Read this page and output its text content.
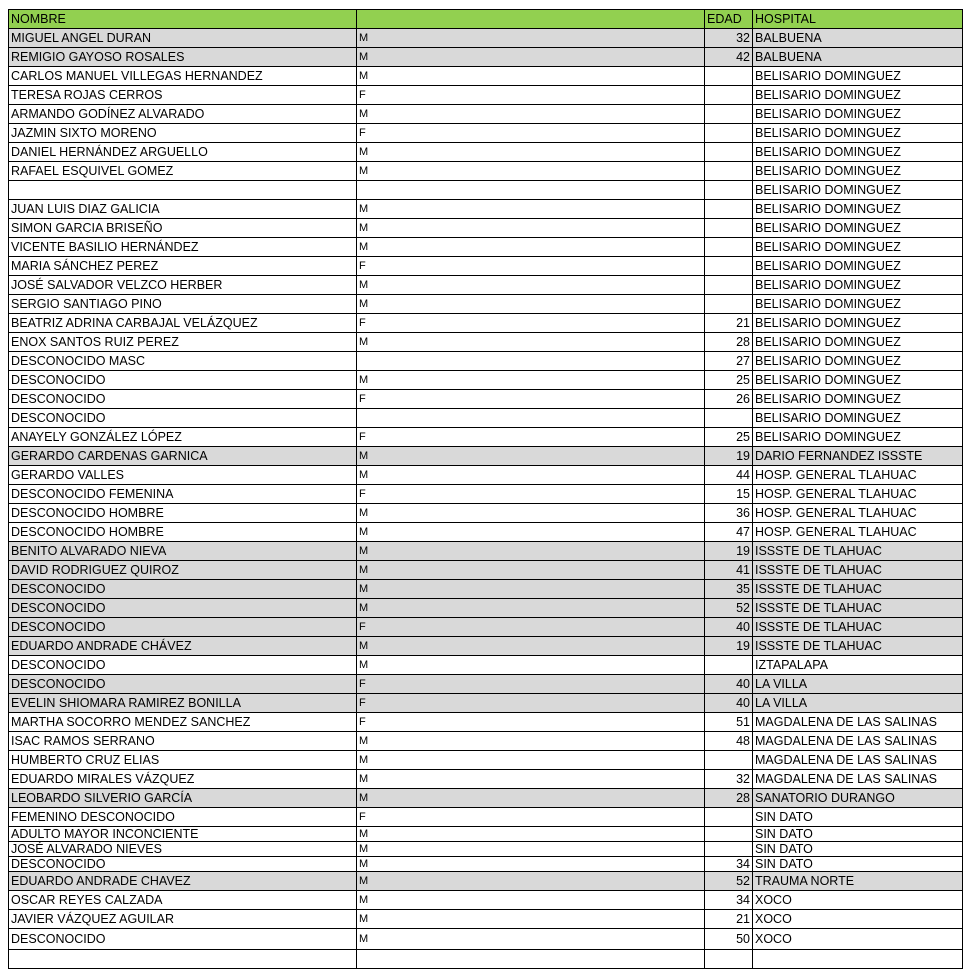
NOMBRE		EDAD	HOSPITAL
MIGUEL ANGEL DURAN	M	32	BALBUENA
REMIGIO GAYOSO ROSALES	M	42	BALBUENA
CARLOS MANUEL VILLEGAS HERNANDEZ	M		BELISARIO DOMINGUEZ
TERESA ROJAS CERROS	F		BELISARIO DOMINGUEZ
ARMANDO GODÍNEZ ALVARADO	M		BELISARIO DOMINGUEZ
JAZMIN SIXTO MORENO	F		BELISARIO DOMINGUEZ
DANIEL HERNÁNDEZ ARGUELLO	M		BELISARIO DOMINGUEZ
RAFAEL ESQUIVEL GOMEZ	M		BELISARIO DOMINGUEZ
			BELISARIO DOMINGUEZ
JUAN LUIS DIAZ GALICIA	M		BELISARIO DOMINGUEZ
SIMON GARCIA BRISEÑO	M		BELISARIO DOMINGUEZ
VICENTE BASILIO HERNÁNDEZ	M		BELISARIO DOMINGUEZ
MARIA SÁNCHEZ PEREZ	F		BELISARIO DOMINGUEZ
JOSÉ SALVADOR VELZCO HERBER	M		BELISARIO DOMINGUEZ
SERGIO SANTIAGO PINO	M		BELISARIO DOMINGUEZ
BEATRIZ ADRINA CARBAJAL VELÁZQUEZ	F	21	BELISARIO DOMINGUEZ
ENOX SANTOS RUIZ PEREZ	M	28	BELISARIO DOMINGUEZ
DESCONOCIDO MASC		27	BELISARIO DOMINGUEZ
DESCONOCIDO	M	25	BELISARIO DOMINGUEZ
DESCONOCIDO	F	26	BELISARIO DOMINGUEZ
DESCONOCIDO			BELISARIO DOMINGUEZ
ANAYELY GONZÁLEZ LÓPEZ	F	25	BELISARIO DOMINGUEZ
GERARDO CARDENAS GARNICA	M	19	DARIO FERNANDEZ ISSSTE
GERARDO VALLES	M	44	HOSP. GENERAL TLAHUAC
DESCONOCIDO FEMENINA	F	15	HOSP. GENERAL TLAHUAC
DESCONOCIDO HOMBRE	M	36	HOSP. GENERAL TLAHUAC
DESCONOCIDO HOMBRE	M	47	HOSP. GENERAL TLAHUAC
BENITO ALVARADO NIEVA	M	19	ISSSTE DE TLAHUAC
DAVID RODRIGUEZ QUIROZ	M	41	ISSSTE DE TLAHUAC
DESCONOCIDO	M	35	ISSSTE DE TLAHUAC
DESCONOCIDO	M	52	ISSSTE DE TLAHUAC
DESCONOCIDO	F	40	ISSSTE DE TLAHUAC
EDUARDO ANDRADE CHÁVEZ	M	19	ISSSTE DE TLAHUAC
DESCONOCIDO	M		IZTAPALAPA
DESCONOCIDO	F	40	LA VILLA
EVELIN SHIOMARA RAMIREZ BONILLA	F	40	LA VILLA
MARTHA SOCORRO MENDEZ SANCHEZ	F	51	MAGDALENA DE LAS SALINAS
ISAC RAMOS SERRANO	M	48	MAGDALENA DE LAS SALINAS
HUMBERTO CRUZ ELIAS	M		MAGDALENA DE LAS SALINAS
EDUARDO MIRALES VÁZQUEZ	M	32	MAGDALENA DE LAS SALINAS
LEOBARDO SILVERIO GARCÍA	M	28	SANATORIO DURANGO
FEMENINO DESCONOCIDO	F		SIN DATO
ADULTO MAYOR INCONCIENTE	M		SIN DATO
JOSÉ ALVARADO NIEVES	M		SIN DATO
DESCONOCIDO	M	34	SIN DATO
EDUARDO ANDRADE CHAVEZ	M	52	TRAUMA NORTE
OSCAR REYES CALZADA	M	34	XOCO
JAVIER VÁZQUEZ AGUILAR	M	21	XOCO
DESCONOCIDO	M	50	XOCO
